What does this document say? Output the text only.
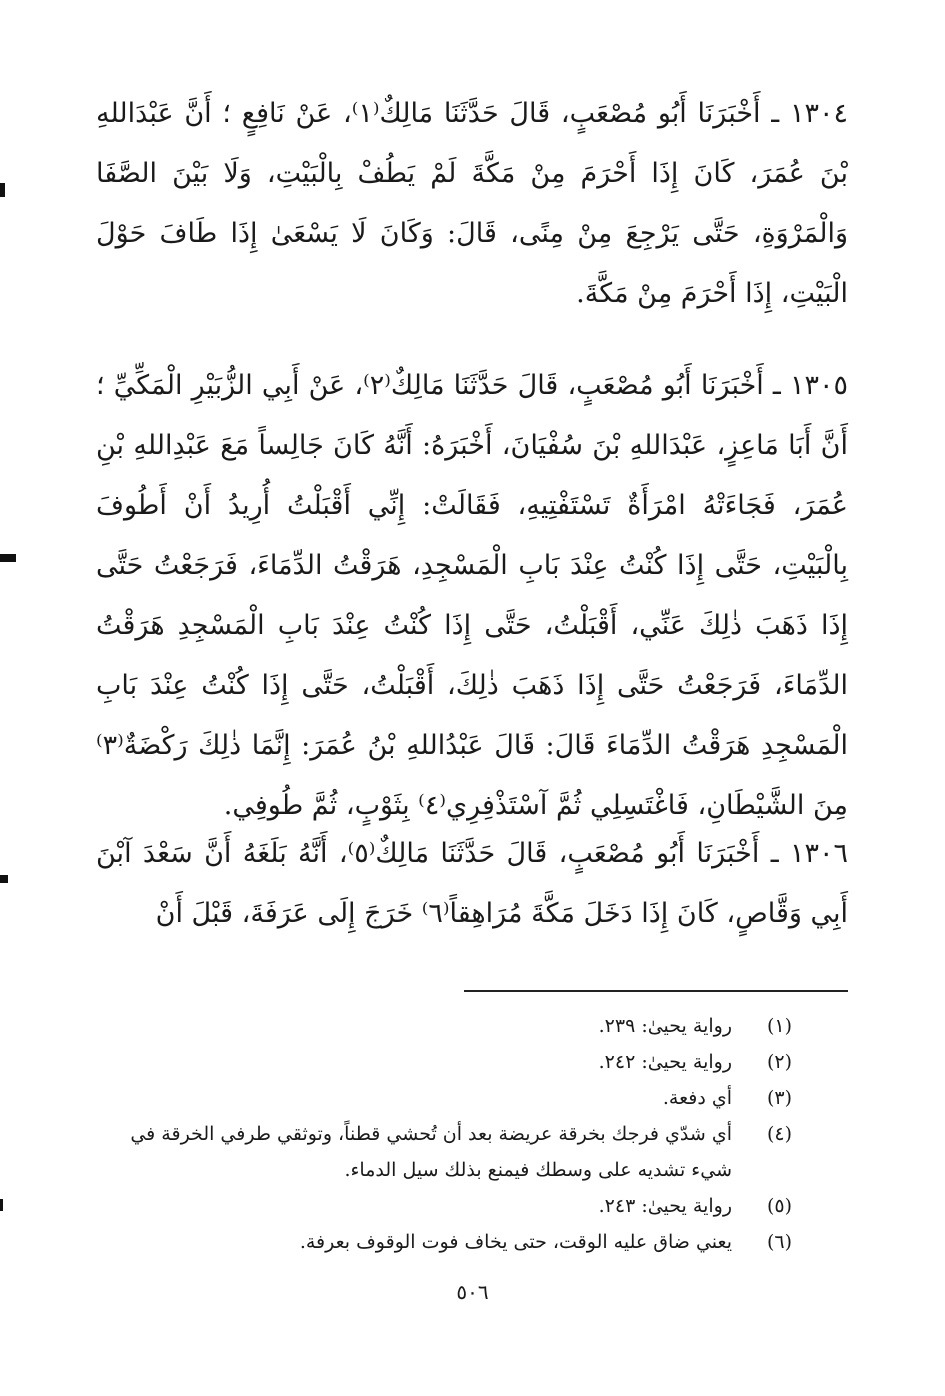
١٣٠٤ ـ أَخْبَرَنَا أَبُو مُصْعَبٍ، قَالَ حَدَّثَنَا مَالِكٌ⁽١⁾، عَنْ نَافِعٍ ؛ أَنَّ عَبْدَاللهِ بْنَ عُمَرَ، كَانَ إِذَا أَحْرَمَ مِنْ مَكَّةَ لَمْ يَطُفْ بِالْبَيْتِ، وَلَا بَيْنَ الصَّفَا وَالْمَرْوَةِ، حَتَّى يَرْجِعَ مِنْ مِنًى، قَالَ: وَكَانَ لَا يَسْعَىٰ إِذَا طَافَ حَوْلَ الْبَيْتِ، إِذَا أَحْرَمَ مِنْ مَكَّةَ.
١٣٠٥ ـ أَخْبَرَنَا أَبُو مُصْعَبٍ، قَالَ حَدَّثَنَا مَالِكٌ⁽٢⁾، عَنْ أَبِي الزُّبَيْرِ الْمَكِّيِّ ؛ أَنَّ أَبَا مَاعِزٍ، عَبْدَاللهِ بْنَ سُفْيَانَ، أَخْبَرَهُ: أَنَّهُ كَانَ جَالِساً مَعَ عَبْدِاللهِ بْنِ عُمَرَ، فَجَاءَتْهُ امْرَأَةٌ تَسْتَفْتِيهِ، فَقَالَتْ: إِنِّي أَقْبَلْتُ أُرِيدُ أَنْ أَطُوفَ بِالْبَيْتِ، حَتَّى إِذَا كُنْتُ عِنْدَ بَابِ الْمَسْجِدِ، هَرَقْتُ الدِّمَاءَ، فَرَجَعْتُ حَتَّى إِذَا ذَهَبَ ذٰلِكَ عَنِّي، أَقْبَلْتُ، حَتَّى إِذَا كُنْتُ عِنْدَ بَابِ الْمَسْجِدِ هَرَقْتُ الدِّمَاءَ، فَرَجَعْتُ حَتَّى إِذَا ذَهَبَ ذٰلِكَ، أَقْبَلْتُ، حَتَّى إِذَا كُنْتُ عِنْدَ بَابِ الْمَسْجِدِ هَرَقْتُ الدِّمَاءَ قَالَ: قَالَ عَبْدُاللهِ بْنُ عُمَرَ: إِنَّمَا ذٰلِكَ رَكْضَةٌ⁽٣⁾ مِنَ الشَّيْطَانِ، فَاغْتَسِلِي ثُمَّ آسْتَذْفِرِي⁽٤⁾ بِثَوْبٍ، ثُمَّ طُوفِي.
١٣٠٦ ـ أَخْبَرَنَا أَبُو مُصْعَبٍ، قَالَ حَدَّثَنَا مَالِكٌ⁽٥⁾، أَنَّهُ بَلَغَهُ أَنَّ سَعْدَ آبْنَ أَبِي وَقَّاصٍ، كَانَ إِذَا دَخَلَ مَكَّةَ مُرَاهِقاً⁽٦⁾ خَرَجَ إِلَى عَرَفَةَ، قَبْلَ أَنْ
(١)
رواية يحيىٰ: ٢٣٩.
(٢)
رواية يحيىٰ: ٢٤٢.
(٣)
أي دفعة.
(٤)
أي شدّي فرجك بخرقة عريضة بعد أن تُحشي قطناً، وتوثقي طرفي الخرقة في شيء تشديه على وسطك فيمنع بذلك سيل الدماء.
(٥)
رواية يحيىٰ: ٢٤٣.
(٦)
يعني ضاق عليه الوقت، حتى يخاف فوت الوقوف بعرفة.
٥٠٦
